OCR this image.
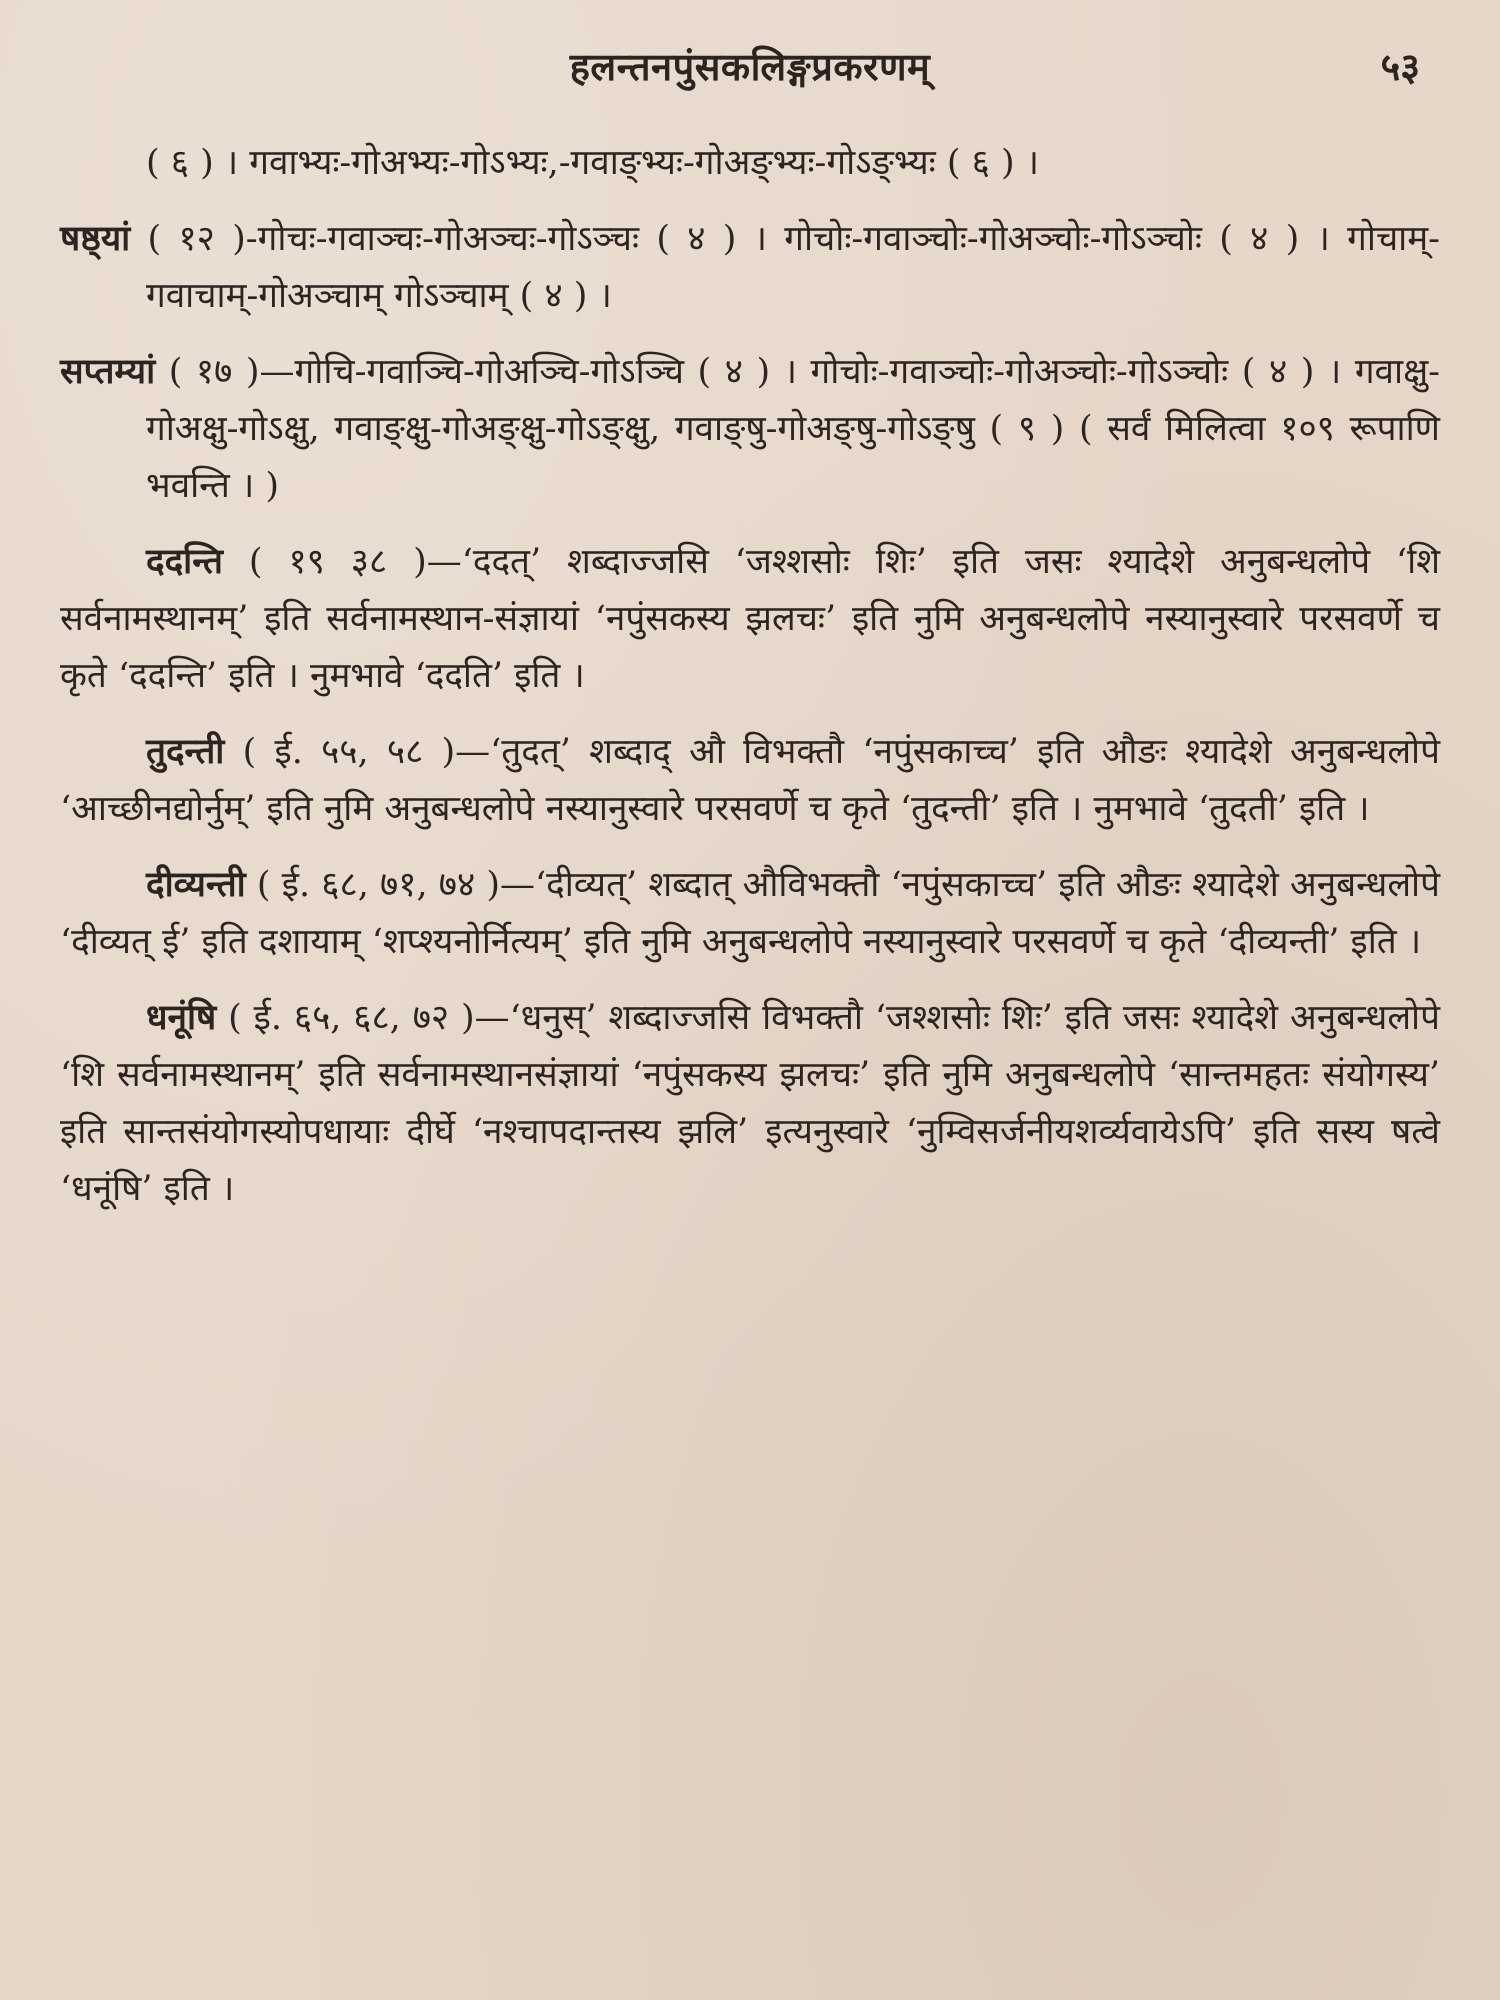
हलन्तनपुंसकलिङ्गप्रकरणम्	५३

( ६ ) । गवाभ्यः-गोअभ्यः-गोऽभ्यः,-गवाङ्भ्यः-गोअङ्भ्यः-गोऽङ्भ्यः ( ६ ) ।

षष्ठ्यां ( १२ )-गोचः-गवाञ्चः-गोअञ्चः-गोऽञ्चः ( ४ ) । गोचोः-गवाञ्चोः-गोअञ्चोः-गोऽञ्चोः ( ४ ) । गोचाम्-गवाचाम्-गोअञ्चाम् गोऽञ्चाम् ( ४ ) ।

सप्तम्यां ( १७ )—गोचि-गवाञ्चि-गोअञ्चि-गोऽञ्चि ( ४ ) । गोचोः-गवाञ्चोः-गोअञ्चोः-गोऽञ्चोः ( ४ ) । गवाक्षु-गोअक्षु-गोऽक्षु, गवाङ्क्षु-गोअङ्क्षु-गोऽङ्क्षु, गवाङ्षु-गोअङ्षु-गोऽङ्षु ( ९ ) ( सर्वं मिलित्वा १०९ रूपाणि भवन्ति । )

ददन्ति ( १९ ३८ )—‘ददत्’ शब्दाज्जसि ‘जश्शसोः शिः’ इति जसः श्यादेशे अनुबन्धलोपे ‘शि सर्वनामस्थानम्’ इति सर्वनामस्थान-संज्ञायां ‘नपुंसकस्य झलचः’ इति नुमि अनुबन्धलोपे नस्यानुस्वारे परसवर्णे च कृते ‘ददन्ति’ इति । नुमभावे ‘ददति’ इति ।

तुदन्ती ( ई. ५५, ५८ )—‘तुदत्’ शब्दाद् औ विभक्तौ ‘नपुंसकाच्च’ इति औङः श्यादेशे अनुबन्धलोपे ‘आच्छीनद्योर्नुम्’ इति नुमि अनुबन्धलोपे नस्यानुस्वारे परसवर्णे च कृते ‘तुदन्ती’ इति । नुमभावे ‘तुदती’ इति ।

दीव्यन्ती ( ई. ६८, ७१, ७४ )—‘दीव्यत्’ शब्दात् औविभक्तौ ‘नपुंसकाच्च’ इति औङः श्यादेशे अनुबन्धलोपे ‘दीव्यत् ई’ इति दशायाम् ‘शप्श्यनोर्नित्यम्’ इति नुमि अनुबन्धलोपे नस्यानुस्वारे परसवर्णे च कृते ‘दीव्यन्ती’ इति ।

धनूंषि ( ई. ६५, ६८, ७२ )—‘धनुस्’ शब्दाज्जसि विभक्तौ ‘जश्शसोः शिः’ इति जसः श्यादेशे अनुबन्धलोपे ‘शि सर्वनामस्थानम्’ इति सर्वनामस्थानसंज्ञायां ‘नपुंसकस्य झलचः’ इति नुमि अनुबन्धलोपे ‘सान्तमहतः संयोगस्य’ इति सान्तसंयोगस्योपधायाः दीर्घे ‘नश्चापदान्तस्य झलि’ इत्यनुस्वारे ‘नुम्विसर्जनीयशर्व्यवायेऽपि’ इति सस्य षत्वे ‘धनूंषि’ इति ।
